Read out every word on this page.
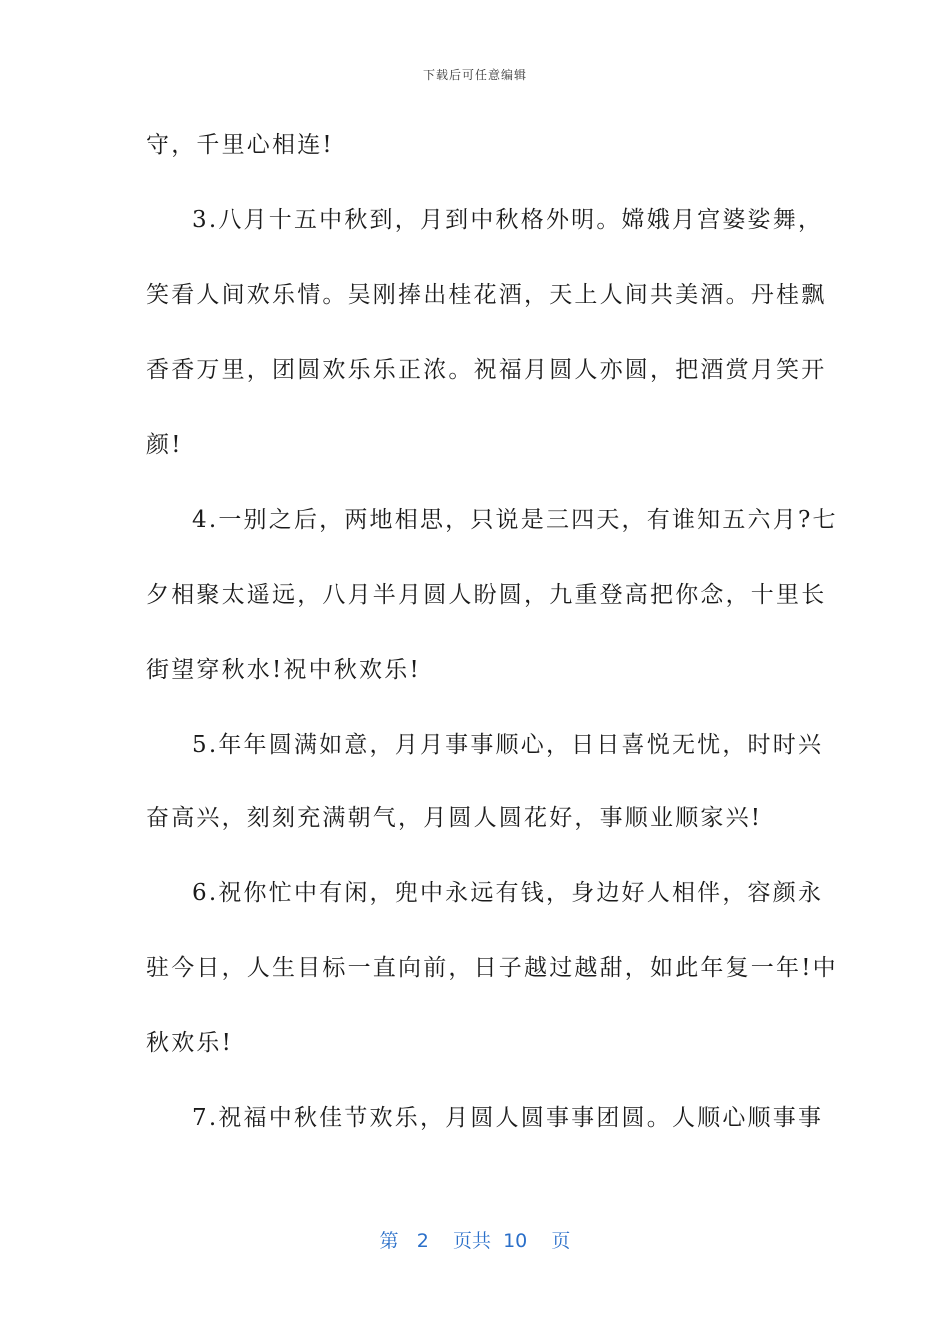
下载后可任意编辑
守，千里心相连!
3.八月十五中秋到，月到中秋格外明。嫦娥月宫婆娑舞，
笑看人间欢乐情。吴刚捧出桂花酒，天上人间共美酒。丹桂飘
香香万里，团圆欢乐乐正浓。祝福月圆人亦圆，把酒赏月笑开
颜!
4.一别之后，两地相思，只说是三四天，有谁知五六月?七
夕相聚太遥远，八月半月圆人盼圆，九重登高把你念，十里长
街望穿秋水!祝中秋欢乐!
5.年年圆满如意，月月事事顺心，日日喜悦无忧，时时兴
奋高兴，刻刻充满朝气，月圆人圆花好，事顺业顺家兴!
6.祝你忙中有闲，兜中永远有钱，身边好人相伴，容颜永
驻今日，人生目标一直向前，日子越过越甜，如此年复一年!中
秋欢乐!
7.祝福中秋佳节欢乐，月圆人圆事事团圆。人顺心顺事事
第 2 页共 10 页
